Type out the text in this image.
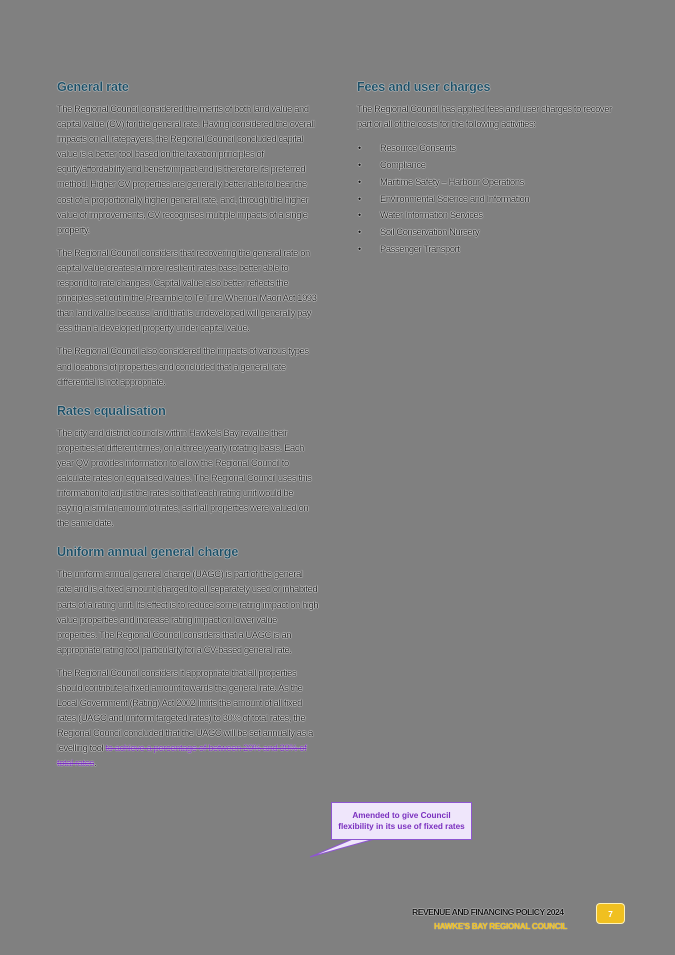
General rate

The Regional Council considered the merits of both land value and capital value (CV) for the general rate. Having considered the overall impacts on all ratepayers, the Regional Council concluded capital value is a better tool based on the taxation principles of equity/affordability and benefit/impact and is therefore its preferred method. Higher CV properties are generally better able to bear the cost of a proportionally higher general rate, and, through the higher value of improvements, CV recognises multiple impacts of a single property.

The Regional Council considers that recovering the general rate on capital value creates a more resilient rates base better able to respond to rate changes. Capital value also better reflects the principles set out in the Preamble to Te Ture Whenua Māori Act 1993 than land value because land that is undeveloped will generally pay less than a developed property under capital value.

The Regional Council also considered the impacts of various types and locations of properties and concluded that a general rate differential is not appropriate.

Rates equalisation

The city and district councils within Hawke's Bay revalue their properties at different times, on a three yearly rotating basis. Each year QV provides information to allow the Regional Council to calculate rates on equalised values. The Regional Council uses this information to adjust the rates so that each rating unit would be paying a similar amount of rates, as if all properties were valued on the same date.

Uniform annual general charge

The uniform annual general charge (UAGC) is part of the general rate and is a fixed amount charged to all separately used or inhabited parts of a rating unit. Its effect is to reduce some rating impact on high value properties and increase rating impact on lower value properties. The Regional Council considers that a UAGC is an appropriate rating tool particularly for a CV-based general rate.

The Regional Council considers it appropriate that all properties should contribute a fixed amount towards the general rate. As the Local Government (Rating) Act 2002 limits the amount of all fixed rates (UAGC and uniform targeted rates) to 30% of total rates, the Regional Council concluded that the UAGC will be set annually as a levelling tool to achieve a percentage of between 20% and 30% of total rates.

Fees and user charges

The Regional Council has applied fees and user charges to recover part or all of the costs for the following activities:

•	Resource Consents
•	Compliance
•	Maritime Safety – Harbour Operations
•	Environmental Science and Information
•	Water Information Services
•	Soil Conservation Nursery
•	Passenger Transport
Amended to give Council flexibility in its use of fixed rates
REVENUE AND FINANCING POLICY 2024
HAWKE'S BAY REGIONAL COUNCIL
7
